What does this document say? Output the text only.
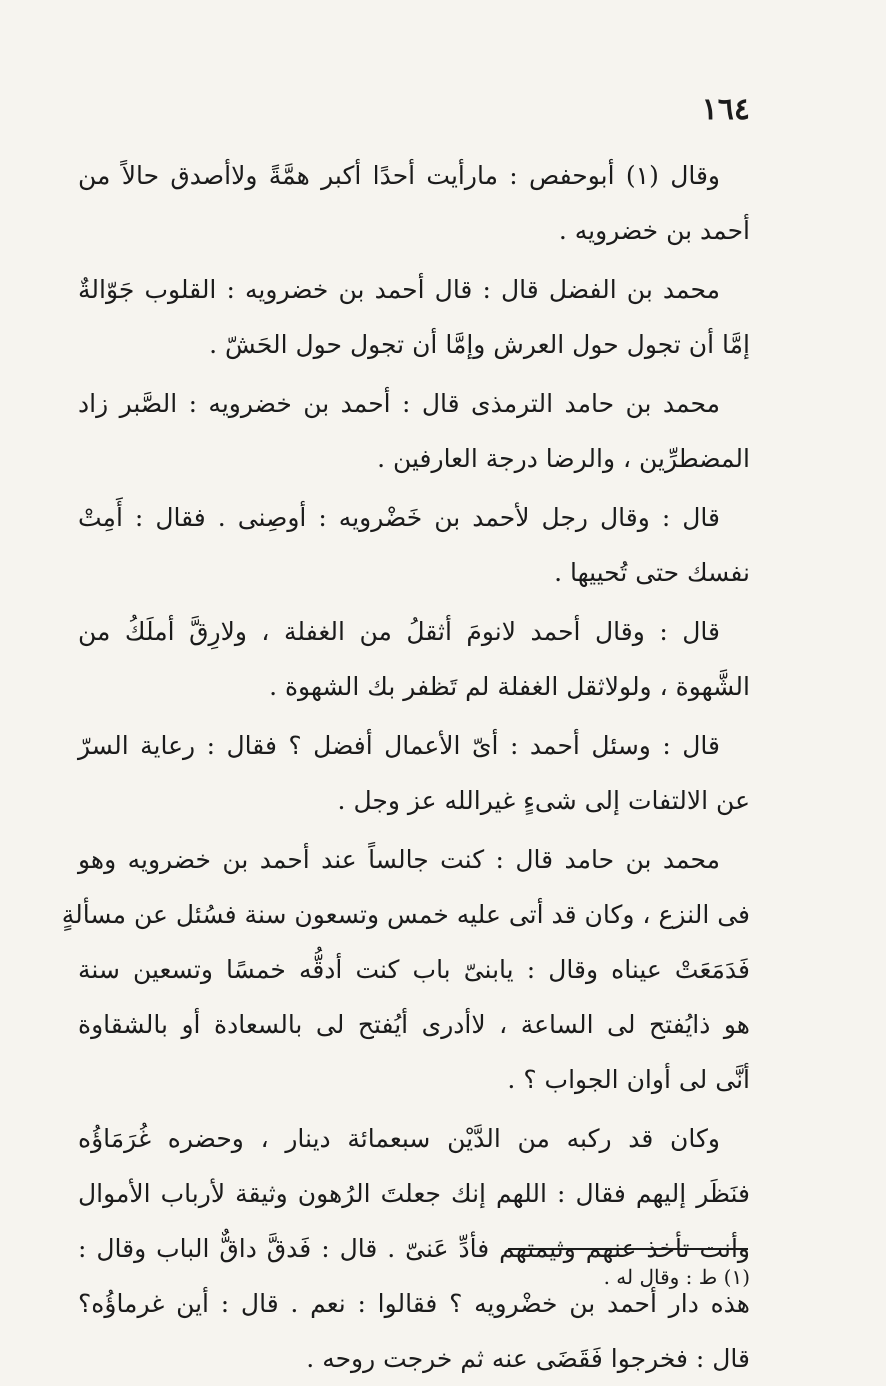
١٦٤
وقال (١) أبوحفص : مارأيت أحدًا أكبر همَّةً ولاأصدق حالاً من
أحمد بن خضرويه .
محمد بن الفضل قال : قال أحمد بن خضرويه : القلوب جَوّالةٌ
إمَّا أن تجول حول العرش وإمَّا أن تجول حول الحَشّ .
محمد بن حامد الترمذى قال : أحمد بن خضرويه : الصَّبر زاد
المضطرِّين ، والرضا درجة العارفين .
قال : وقال رجل لأحمد بن خَضْرويه : أوصِنى . فقال : أَمِتْ
نفسك حتى تُحييها .
قال : وقال أحمد لانومَ أثقلُ من الغفلة ، ولارِقَّ أملَكُ من
الشَّهوة ، ولولاثقل الغفلة لم تَظفر بك الشهوة .
قال : وسئل أحمد : أىّ الأعمال أفضل ؟ فقال : رعاية السرّ
عن الالتفات إلى شىءٍ غيرالله عز وجل .
محمد بن حامد قال : كنت جالساً عند أحمد بن خضرويه وهو
فى النزع ، وكان قد أتى عليه خمس وتسعون سنة فسُئل عن مسألةٍ
فَدَمَعَتْ عيناه وقال : يابنىّ باب كنت أدقُّه خمسًا وتسعين سنة
هو ذايُفتح لى الساعة ، لاأدرى أيُفتح لى بالسعادة أو بالشقاوة
أنَّى لى أوان الجواب ؟ .
وكان قد ركبه من الدَّيْن سبعمائة دينار ، وحضره غُرَمَاؤُه
فنَظَر إليهم فقال : اللهم إنك جعلتَ الرُهون وثيقة لأرباب الأموال
وأنت تأخذ عنهم وثيمتهم فأدِّ عَنىّ . قال : فَدقَّ داقٌّ الباب وقال :
هذه دار أحمد بن خضْرويه ؟ فقالوا : نعم . قال : أين غرماؤُه؟
قال : فخرجوا فَقَضَى عنه ثم خرجت روحه .
(١) ط : وقال له .
